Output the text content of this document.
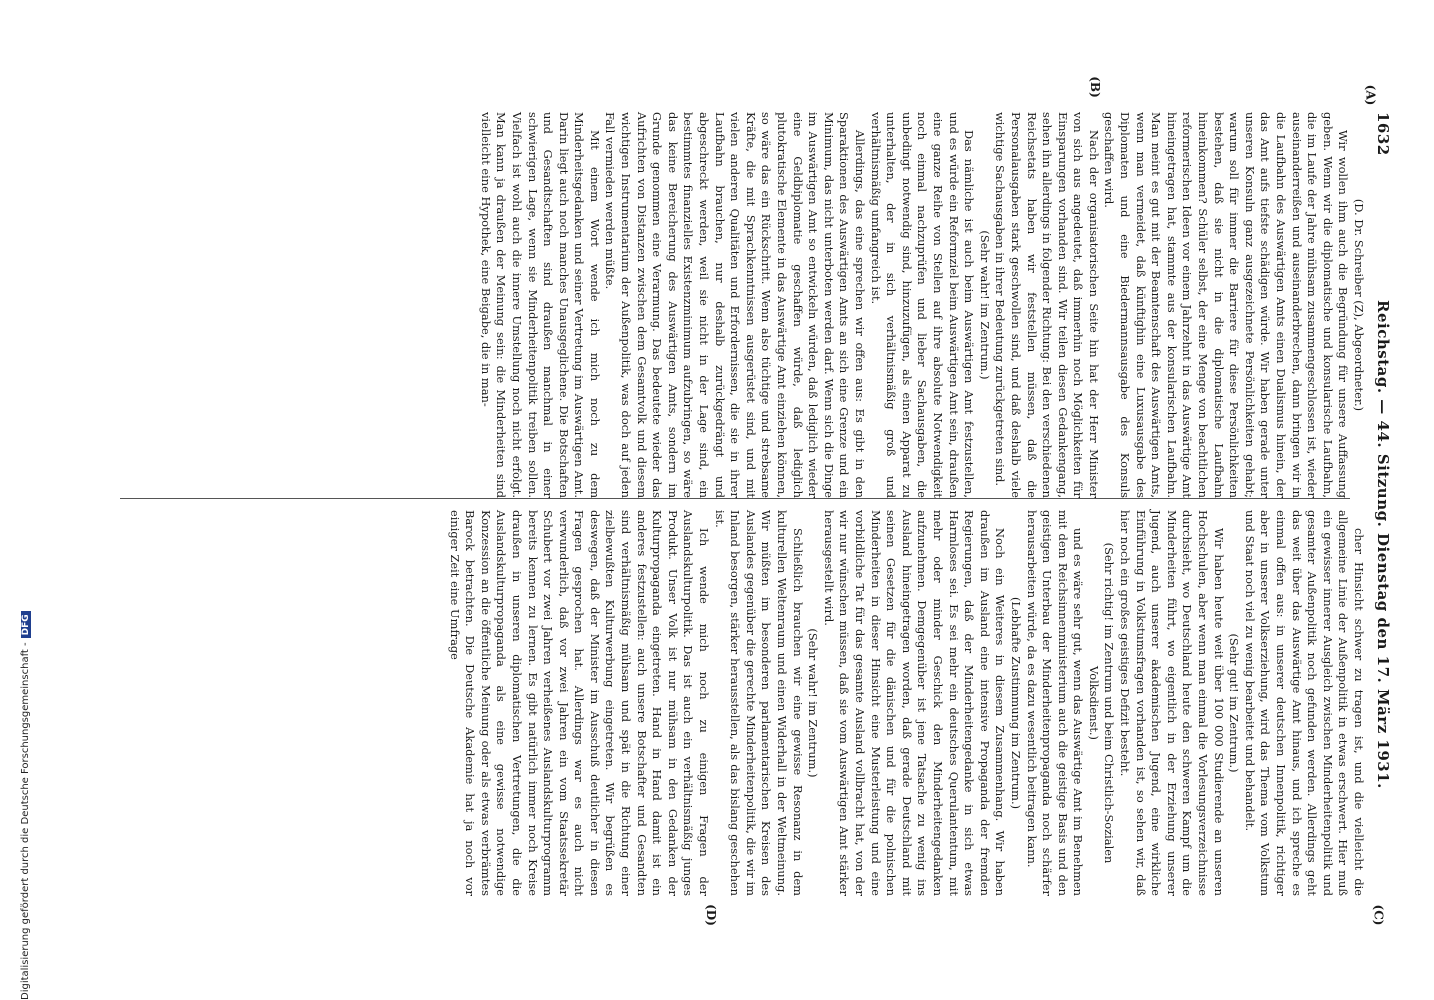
1632
Reichstag. — 44. Sitzung. Dienstag den 17. März 1931.
(A)
(B)
(C)
(D)

(D. Dr. Schreiber (Z), Abgeordneter.)

Wir wollen ihm auch die Begründung für unsere Auffassung geben. Wenn wir die diplomatische und konsularische Laufbahn, die im Laufe der Jahre mühsam zusammengeschlossen ist, wieder auseinanderreißen und auseinanderbrechen, dann bringen wir in die Laufbahn des Auswärtigen Amts einen Dualismus hinein, der das Amt aufs tiefste schädigen würde. Wir haben gerade unter unseren Konsuln ganz ausgezeichnete Persönlichkeiten gehabt; warum soll für immer die Barriere für diese Persönlichkeiten bestehen, daß sie nicht in die diplomatische Laufbahn hineinkommen? Schüler selbst, der eine Menge von beachtlichen reformerischen Ideen vor einem Jahrzehnt in das Auswärtige Amt hineingetragen hat, stammte aus der konsularischen Laufbahn. Man meint es gut mit der Beamtenschaft des Auswärtigen Amts, wenn man vermeidet, daß künftighin eine Luxusausgabe des Diplomaten und eine Biedermannsausgabe des Konsuls geschaffen wird.

Nach der organisatorischen Seite hin hat der Herr Minister von sich aus angedeutet, daß immerhin noch Möglichkeiten für Einsparungen vorhanden sind. Wir teilen diesen Gedankengang, sehen ihn allerdings in folgender Richtung: Bei den verschiedenen Reichsetats haben wir feststellen müssen, daß die Personalausgaben stark geschwollen sind, und daß deshalb viele wichtige Sachausgaben in ihrer Bedeutung zurückgetreten sind.

(Sehr wahr! im Zentrum.)

Das nämliche ist auch beim Auswärtigen Amt festzustellen, und es würde ein Reformziel beim Auswärtigen Amt sein, draußen eine ganze Reihe von Stellen auf ihre absolute Notwendigkeit noch einmal nachzuprüfen und lieber Sachausgaben, die unbedingt notwendig sind, hinzuzufügen, als einen Apparat zu unterhalten, der in sich verhältnismäßig groß und verhältnismäßig umfangreich ist.

Allerdings, das eine sprechen wir offen aus: Es gibt in den Sparaktionen des Auswärtigen Amts an sich eine Grenze und ein Minimum, das nicht unterboten werden darf. Wenn sich die Dinge im Auswärtigen Amt so entwickeln würden, daß lediglich wieder eine Geldbiplomatie geschaffen würde, daß lediglich plutokratische Elemente in das Auswärtige Amt einziehen können, so wäre das ein Rückschritt. Wenn also tüchtige und strebsame Kräfte, die mit Sprachkenntnissen ausgerüstet sind, und mit vielen anderen Qualitäten und Erfordernissen, die sie in ihrer Laufbahn brauchen, nur deshalb zurückgedrängt und abgeschreckt werden, weil sie nicht in der Lage sind, ein bestimmtes finanzielles Existenzminimum aufzubringen, so wäre das keine Bereicherung des Auswärtigen Amts, sondern im Grunde genommen eine Verarmung. Das bedeutete wieder das Aufrichten von Distanzen zwischen dem Gesamtvolk und diesem wichtigen Instrumentarium der Außenpolitik, was doch auf jeden Fall vermieden werden müßte.

Mit einem Wort wende ich mich noch zu dem Minderheitsgedanken und seiner Vertretung im Auswärtigen Amt. Darin liegt auch noch manches Unausgeglichene. Die Botschaften und Gesandtschaften sind draußen manchmal in einer schwierigen Lage, wenn sie Minderheitenpolitik treiben sollen. Vielfach ist wohl auch die innere Umstellung noch nicht erfolgt. Man kann ja draußen der Meinung sein: die Minderheiten sind vielleicht eine Hypothek, eine Beigabe, die in man-

cher Hinsicht schwer zu tragen ist, und die vielleicht die allgemeine Linie der Außenpolitik in etwas erschwert. Hier muß ein gewisser innerer Ausgleich zwischen Minderheitenpolitik und gesamter Außenpolitik noch gefunden werden. Allerdings geht das weit über das Auswärtige Amt hinaus, und ich spreche es einmal offen aus: in unserer deutschen Innenpolitik, richtiger aber in unserer Volkserziehung, wird das Thema vom Volkstum und Staat noch viel zu wenig bearbeitet und behandelt.

(Sehr gut! im Zentrum.)

Wir haben heute weit über 100 000 Studierende an unseren Hochschulen, aber wenn man einmal die Vorlesungsverzeichnisse durchsieht, wo Deutschland heute den schweren Kampf um die Minderheiten führt, wo eigentlich in der Erziehung unserer Jugend, auch unserer akademischen Jugend, eine wirkliche Einführung in Volkstumsfragen vorhanden ist, so sehen wir, daß hier noch ein großes geistiges Defizit besteht.

(Sehr richtig! im Zentrum und beim Christlich-Sozialen Volksdienst.)

und es wäre sehr gut, wenn das Auswärtige Amt im Benehmen mit dem Reichsinnenministerium auch die geistige Basis und den geistigen Unterbau der Minderheitenpropaganda noch schärfer herausarbeiten würde, da es dazu wesentlich beitragen kann.

(Lebhafte Zustimmung im Zentrum.)

Noch ein Weiteres in diesem Zusammenhang. Wir haben draußen im Ausland eine intensive Propaganda der fremden Regierungen, daß der Minderheitengedanke in sich etwas Harmloses sei. Es sei mehr ein deutsches Querulantentum, mit mehr oder minder Geschick den Minderheitengedanken aufzunehmen. Demgegenüber ist jene Tatsache zu wenig ins Ausland hineingetragen worden, daß gerade Deutschland mit seinen Gesetzen für die dänischen und für die polnischen Minderheiten in dieser Hinsicht eine Musterleistung und eine vorbildliche Tat für das gesamte Ausland vollbracht hat, von der wir nur wünschen müssen, daß sie vom Auswärtigen Amt stärker herausgestellt wird.

(Sehr wahr! im Zentrum.)

Schließlich brauchen wir eine gewisse Resonanz in dem kulturellen Weltenraum und einen Widerhall in der Weltmeinung. Wir müßten im besonderen parlamentarischen Kreisen des Auslandes gegenüber die gerechte Minderheitenpolitik, die wir im Inland besorgen, stärker herausstellen, als das bislang geschehen ist.

Ich wende mich noch zu einigen Fragen der Auslandskulturpolitik. Das ist auch ein verhältnismäßig junges Produkt. Unser Volk ist nur mühsam in den Gedanken der Kulturpropaganda eingetreten. Hand in Hand damit ist ein anderes festzustellen: auch unsere Botschafter und Gesandten sind verhältnismäßig mühsam und spät in die Richtung einer zielbewußten Kulturwerbung eingetreten. Wir begrüßen es deswegen, daß der Minister im Ausschuß deutlicher in diesen Fragen gesprochen hat. Allerdings war es auch nicht verwunderlich, daß vor zwei Jahren ein vom Staatssekretär Schubert vor zwei Jahren verheißenes Auslandskulturprogramm bereits kennen zu lernen. Es gibt natürlich immer noch Kreise draußen in unseren diplomatischen Vertretungen, die die Auslandskulturpropaganda als eine gewisse notwendige Konzession an die öffentliche Meinung oder als etwas verbrämtes Barock betrachten. Die Deutsche Akademie hat ja noch vor einiger Zeit eine Umfrage

Digitalisierung gefördert durch die Deutsche Forschungsgemeinschaft -DFG
